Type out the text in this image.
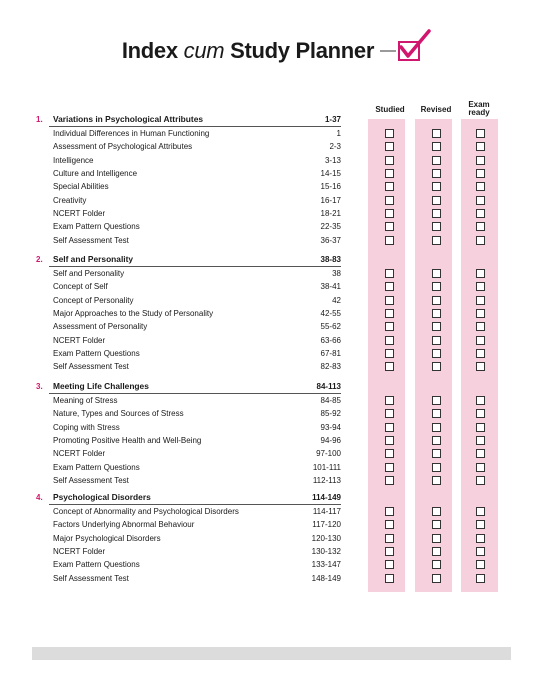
Index cum Study Planner
Studied	Revised
Exam
ready
1. Variations in Psychological Attributes	1-37
Individual Differences in Human Functioning	1
Assessment of Psychological Attributes	2-3
Intelligence	3-13
Culture and Intelligence	14-15
Special Abilities	15-16
Creativity	16-17
NCERT Folder	18-21
Exam Pattern Questions	22-35
Self Assessment Test	36-37
2. Self and Personality	38-83
Self and Personality	38
Concept of Self	38-41
Concept of Personality	42
Major Approaches to the Study of Personality	42-55
Assessment of Personality	55-62
NCERT Folder	63-66
Exam Pattern Questions	67-81
Self Assessment Test	82-83
3. Meeting Life Challenges	84-113
Meaning of Stress	84-85
Nature, Types and Sources of Stress	85-92
Coping with Stress	93-94
Promoting Positive Health and Well-Being	94-96
NCERT Folder	97-100
Exam Pattern Questions	101-111
Self Assessment Test	112-113
4. Psychological Disorders	114-149
Concept of Abnormality and Psychological Disorders	114-117
Factors Underlying Abnormal Behaviour	117-120
Major Psychological Disorders	120-130
NCERT Folder	130-132
Exam Pattern Questions	133-147
Self Assessment Test	148-149
